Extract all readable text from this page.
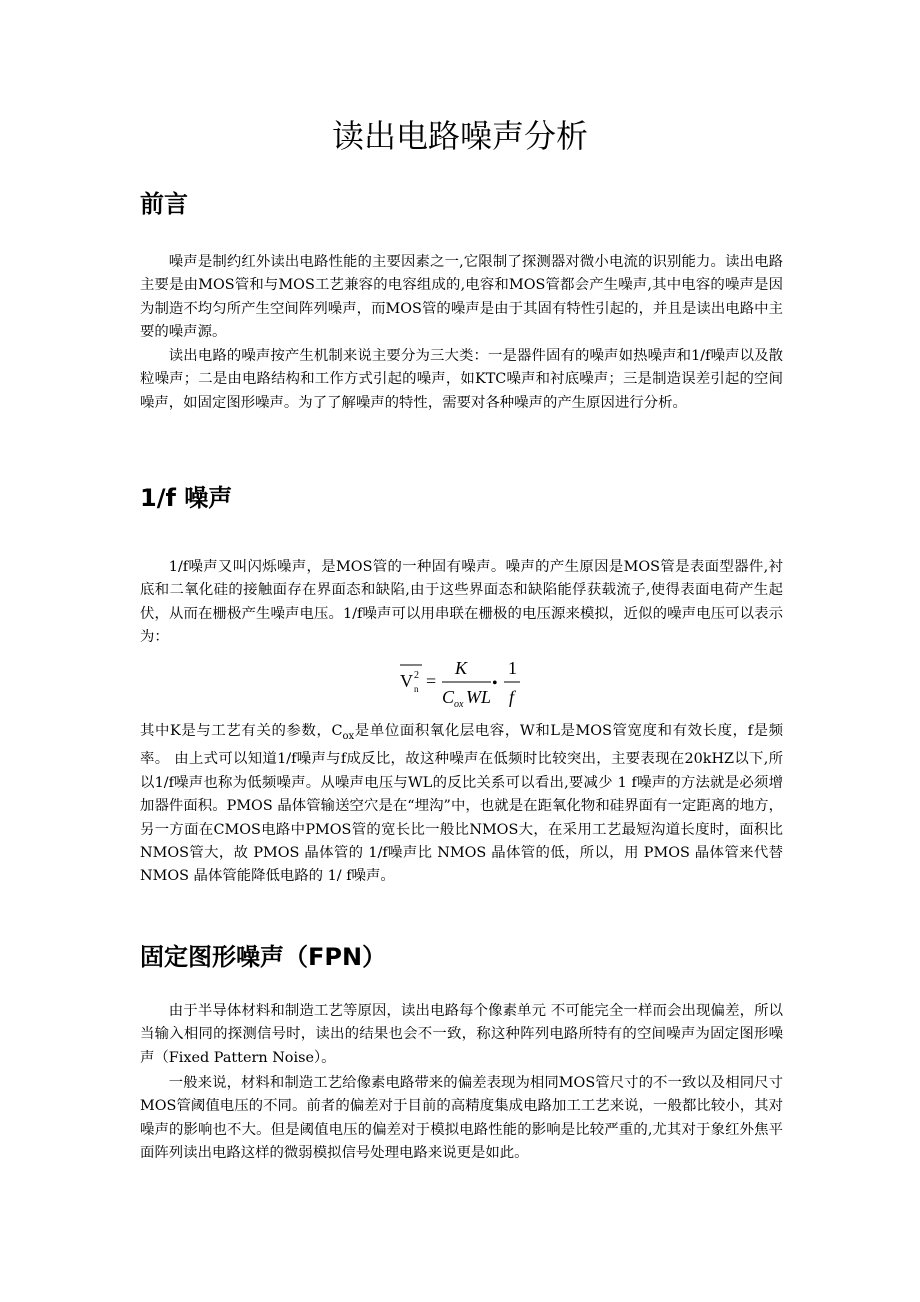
读出电路噪声分析
前言

噪声是制约红外读出电路性能的主要因素之一,它限制了探测器对微小电流的识别能力。读出电路主要是由MOS管和与MOS工艺兼容的电容组成的,电容和MOS管都会产生噪声,其中电容的噪声是因为制造不均匀所产生空间阵列噪声，而MOS管的噪声是由于其固有特性引起的，并且是读出电路中主要的噪声源。

读出电路的噪声按产生机制来说主要分为三大类：一是器件固有的噪声如热噪声和1/f噪声以及散粒噪声；二是由电路结构和工作方式引起的噪声，如KTC噪声和衬底噪声；三是制造误差引起的空间噪声，如固定图形噪声。为了了解噪声的特性，需要对各种噪声的产生原因进行分析。

1/f 噪声

1/f噪声又叫闪烁噪声，是MOS管的一种固有噪声。噪声的产生原因是MOS管是表面型器件,衬底和二氧化硅的接触面存在界面态和缺陷,由于这些界面态和缺陷能俘获载流子,使得表面电荷产生起伏，从而在栅极产生噪声电压。1/f噪声可以用串联在栅极的电压源来模拟，近似的噪声电压可以表示为：

V 2
n =
K
C ox WL
•
1
f

其中K是与工艺有关的参数，$C_{ox}$是单位面积氧化层电容，W和L是MOS管宽度和有效长度，f是频率。 由上式可以知道1/f噪声与f成反比，故这种噪声在低频时比较突出，主要表现在20kHZ以下,所以1/f噪声也称为低频噪声。从噪声电压与WL的反比关系可以看出,要减少 1 f噪声的方法就是必须增加器件面积。PMOS 晶体管输送空穴是在“埋沟”中，也就是在距氧化物和硅界面有一定距离的地方，另一方面在CMOS电路中PMOS管的宽长比一般比NMOS大，在采用工艺最短沟道长度时，面积比NMOS管大，故 PMOS 晶体管的 1/f噪声比 NMOS 晶体管的低，所以，用 PMOS 晶体管来代替 NMOS 晶体管能降低电路的 1/ f噪声。

固定图形噪声（FPN）

由于半导体材料和制造工艺等原因，读出电路每个像素单元 不可能完全一样而会出现偏差，所以当输入相同的探测信号时，读出的结果也会不一致，称这种阵列电路所特有的空间噪声为固定图形噪声（Fixed Pattern Noise）。

一般来说，材料和制造工艺给像素电路带来的偏差表现为相同MOS管尺寸的不一致以及相同尺寸MOS管阈值电压的不同。前者的偏差对于目前的高精度集成电路加工工艺来说，一般都比较小，其对噪声的影响也不大。但是阈值电压的偏差对于模拟电路性能的影响是比较严重的,尤其对于象红外焦平面阵列读出电路这样的微弱模拟信号处理电路来说更是如此。
